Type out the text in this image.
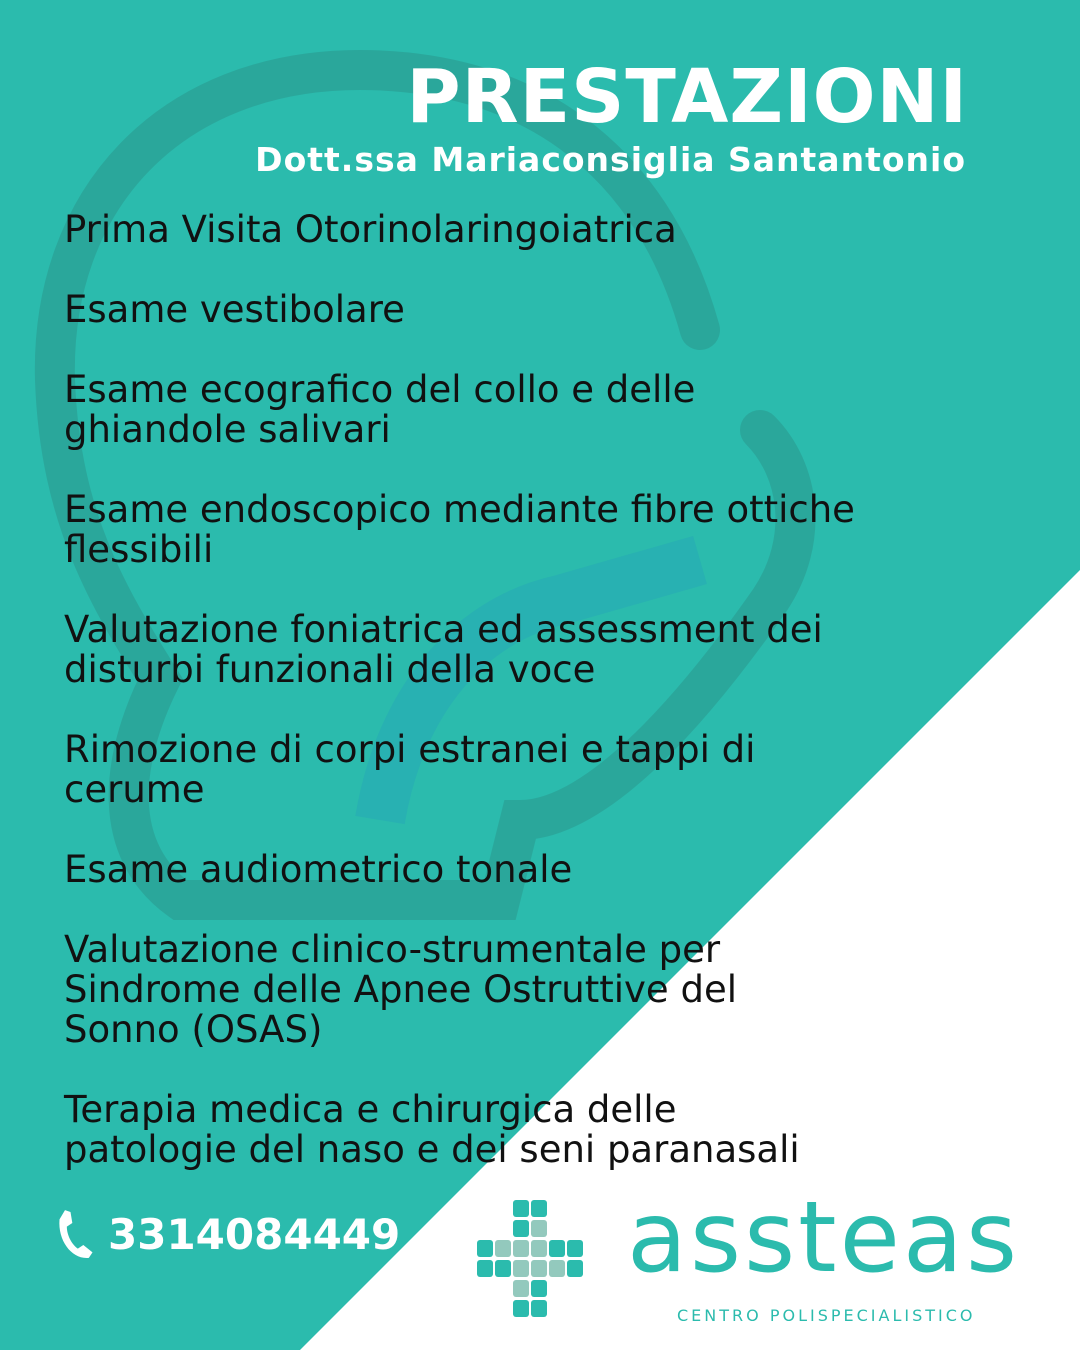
PRESTAZIONI
Dott.ssa Mariaconsiglia Santantonio
Prima Visita Otorinolaringoiatrica
Esame vestibolare
Esame ecografico del collo e delle
ghiandole salivari
Esame endoscopico mediante fibre ottiche
flessibili
Valutazione foniatrica ed assessment dei
disturbi funzionali della voce
Rimozione di corpi estranei e tappi di
cerume
Esame audiometrico tonale
Valutazione clinico-strumentale per
Sindrome delle Apnee Ostruttive del
Sonno (OSAS)
Terapia medica e chirurgica delle
patologie del naso e dei seni paranasali
3314084449 assteas
CENTRO POLISPECIALISTICO
